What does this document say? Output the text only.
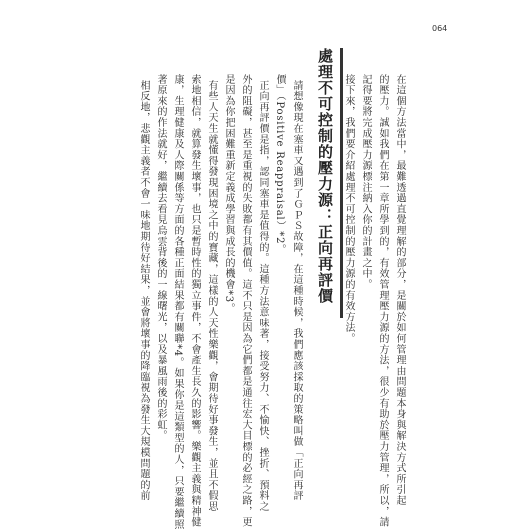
064
在這個方法當中，最難透過直覺理解的部分，是關於如何管理由問題本身與解決方式所引起
的壓力。誠如我們在第一章所學到的，有效管理壓力源的方法，很少有助於壓力管理，所以，請
記得要將完成壓力源標注納入你的計畫之中。
接下來，我們要介紹處理不可控制的壓力源的有效方法。
處理不可控制的壓力源：正向再評價
請想像現在塞車又遇到了ＧＰＳ故障，在這種時候，我們應該採取的策略叫做「正向再評
價」（Positive Reappraisal）*2。
正向再評價是指，認同塞車是值得的。這種方法意味著，接受努力、不愉快、挫折、預料之
外的阻礙，甚至是重視的失敗都有其價值。這不只是因為它們都是通往宏大目標的必經之路，更
是因為你把困難重新定義成學習與成長的機會*3。
有些人天生就懂得發現困境之中的寶藏，這樣的人天性樂觀，會期待好事發生，並且不假思
索地相信，就算發生壞事，也只是暫時性的獨立事件，不會產生長久的影響。樂觀主義與精神健
康，生理健康及人際關係等方面的各種正面結果都有關聯*4。如果你是這類型的人，只要繼續照
著原來的作法就好，繼續去看見烏雲背後的一線曙光，以及暴風雨後的彩虹。
相反地，悲觀主義者不會一味地期待好結果，並會將壞事的降臨視為發生大規模問題的前
